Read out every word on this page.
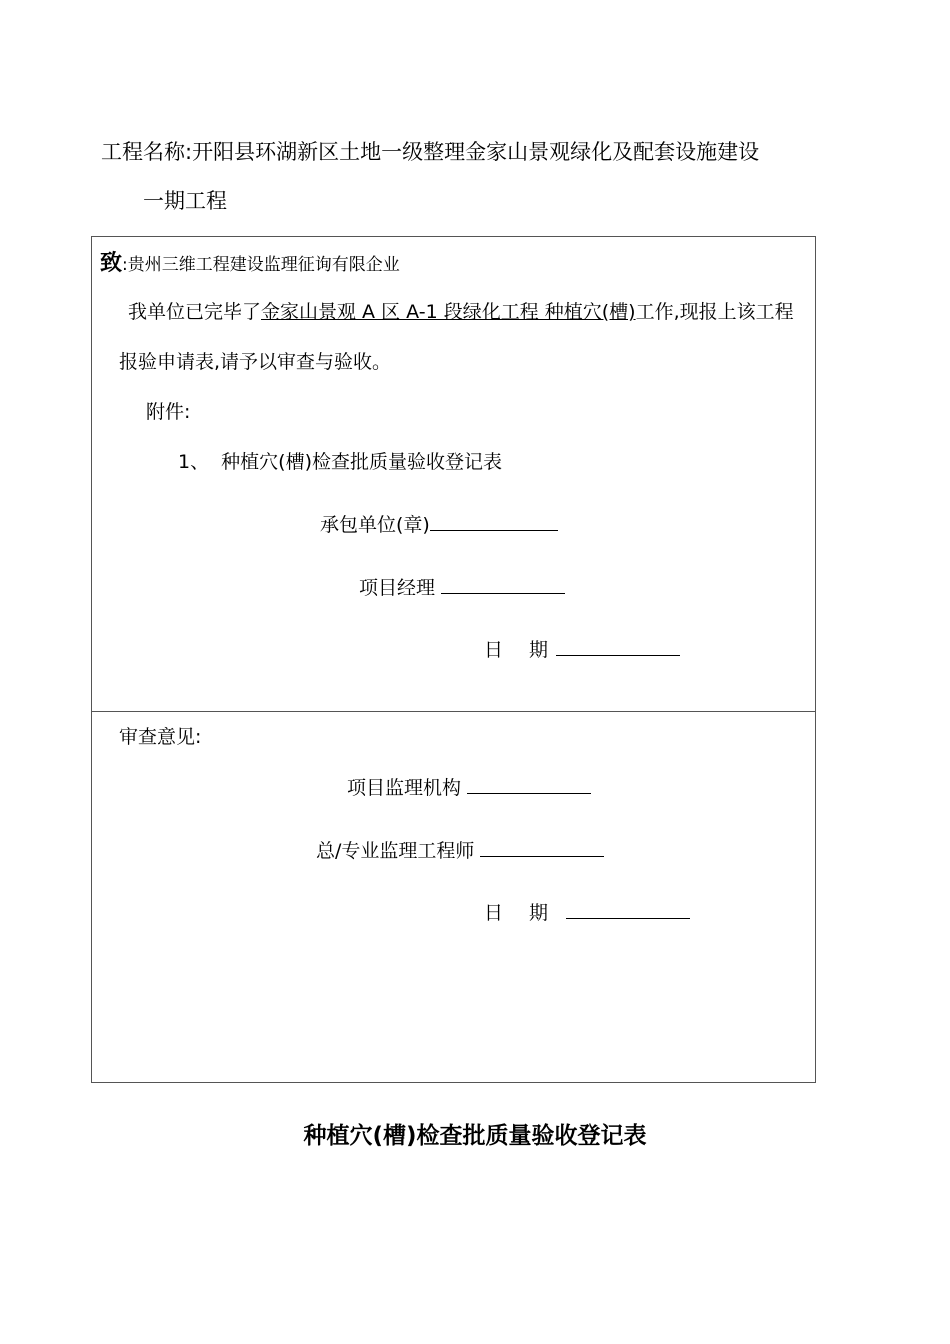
工程名称:开阳县环湖新区土地一级整理金家山景观绿化及配套设施建设
一期工程
致:贵州三维工程建设监理征询有限企业
我单位已完毕了金家山景观 A 区 A-1 段绿化工程 种植穴(槽)工作,现报上该工程
报验申请表,请予以审查与验收。
附件:
1、  种植穴(槽)检查批质量验收登记表
承包单位(章)
项目经理
日 期
审查意见:
项目监理机构
总/专业监理工程师
日 期
种植穴(槽)检查批质量验收登记表
